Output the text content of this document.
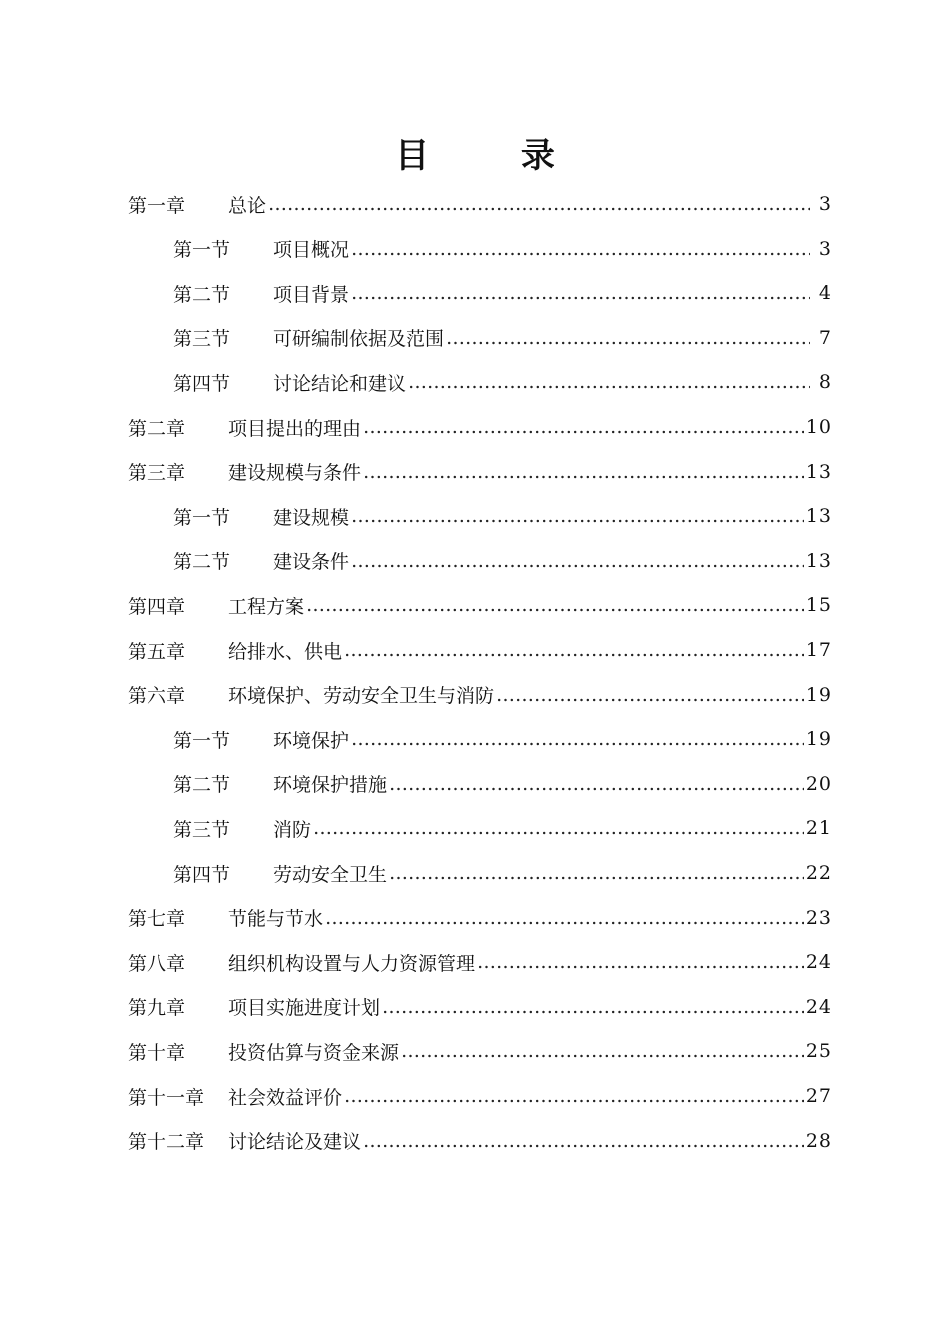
目 录
第一章	总论 …………………………………………………………………………………………………………………………………………………………	3
第一节	项目概况 …………………………………………………………………………………………………………………………………………………………	3
第二节	项目背景 …………………………………………………………………………………………………………………………………………………………	4
第三节	可研编制依据及范围 …………………………………………………………………………………………………………………………………………………………	7
第四节	讨论结论和建议 …………………………………………………………………………………………………………………………………………………………	8
第二章	项目提出的理由 …………………………………………………………………………………………………………………………………………………………	10
第三章	建设规模与条件 …………………………………………………………………………………………………………………………………………………………	13
第一节	建设规模 …………………………………………………………………………………………………………………………………………………………	13
第二节	建设条件 …………………………………………………………………………………………………………………………………………………………	13
第四章	工程方案 …………………………………………………………………………………………………………………………………………………………	15
第五章	给排水、供电 …………………………………………………………………………………………………………………………………………………………	17
第六章	环境保护、劳动安全卫生与消防 …………………………………………………………………………………………………………………………………………………………	19
第一节	环境保护 …………………………………………………………………………………………………………………………………………………………	19
第二节	环境保护措施 …………………………………………………………………………………………………………………………………………………………	20
第三节	消防 …………………………………………………………………………………………………………………………………………………………	21
第四节	劳动安全卫生 …………………………………………………………………………………………………………………………………………………………	22
第七章	节能与节水 …………………………………………………………………………………………………………………………………………………………	23
第八章	组织机构设置与人力资源管理 …………………………………………………………………………………………………………………………………………………………	24
第九章	项目实施进度计划 …………………………………………………………………………………………………………………………………………………………	24
第十章	投资估算与资金来源 …………………………………………………………………………………………………………………………………………………………	25
第十一章	社会效益评价 …………………………………………………………………………………………………………………………………………………………	27
第十二章	讨论结论及建议 …………………………………………………………………………………………………………………………………………………………	28
